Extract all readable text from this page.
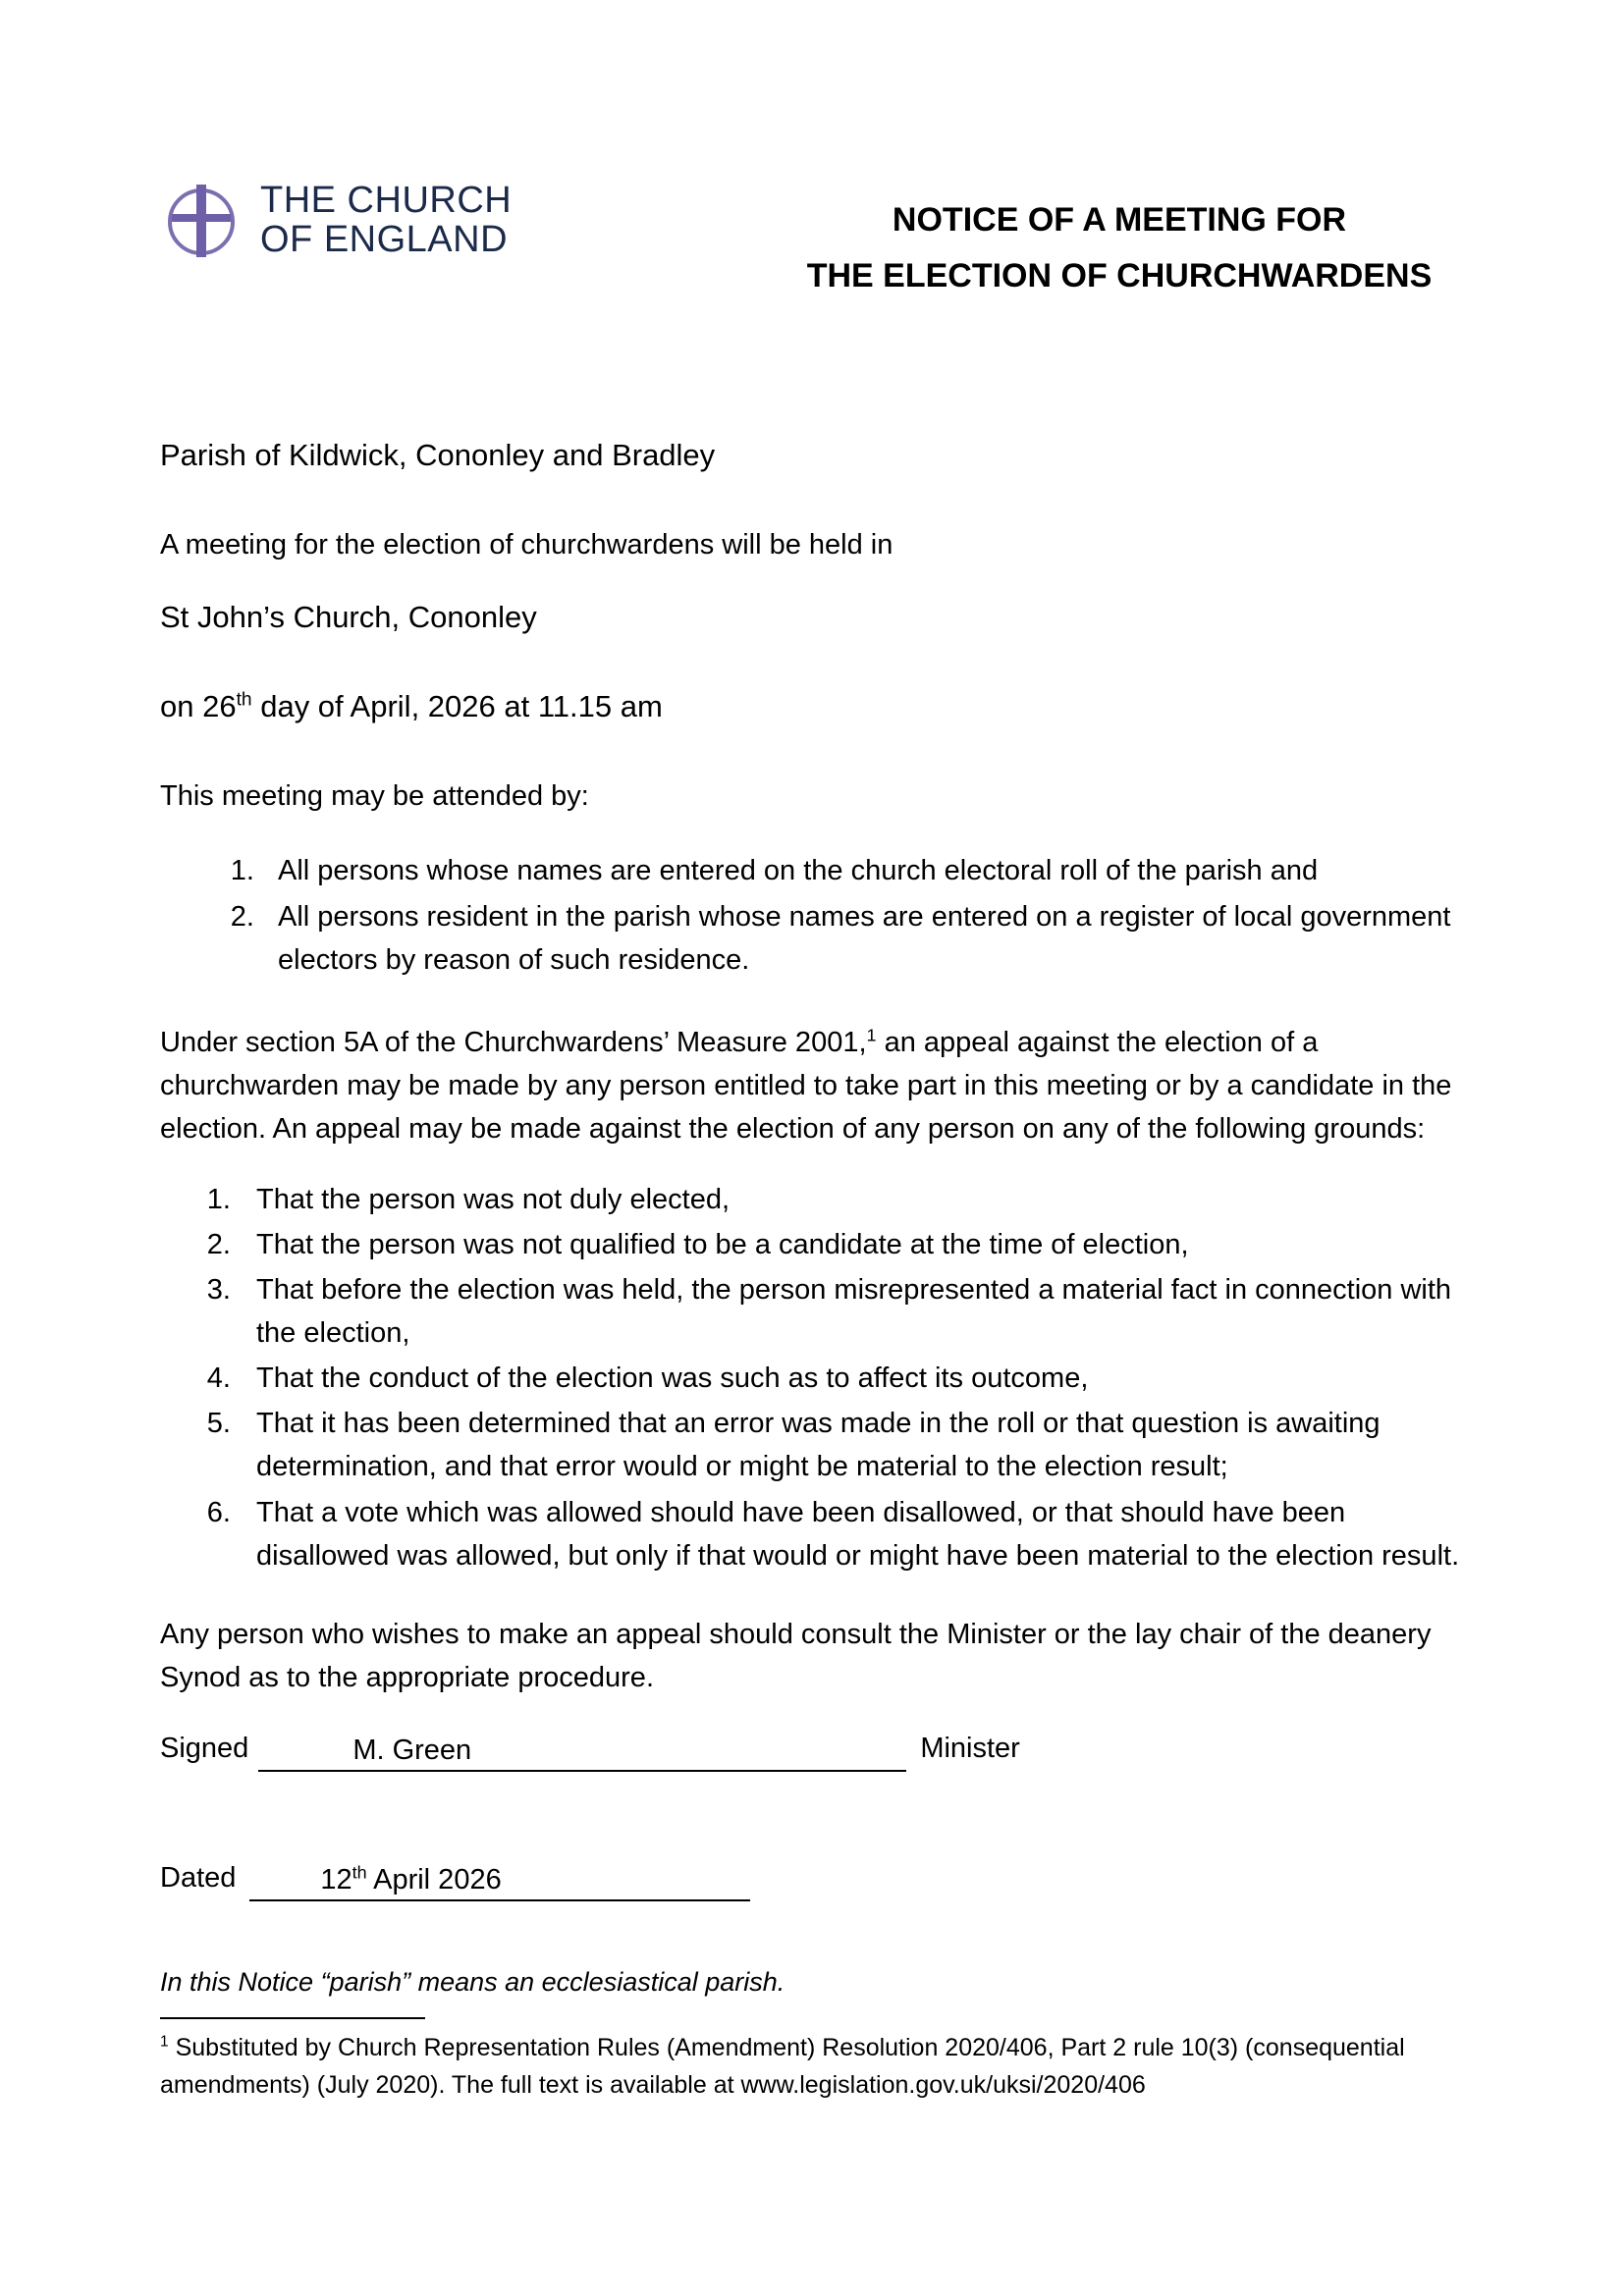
THE CHURCH
OF ENGLAND	NOTICE OF A MEETING FOR
THE ELECTION OF CHURCHWARDENS

Parish of Kildwick, Cononley and Bradley

A meeting for the election of churchwardens will be held in

St John’s Church, Cononley

on 26th day of April, 2026 at 11.15 am

This meeting may be attended by:

1. All persons whose names are entered on the church electoral roll of the parish and
2. All persons resident in the parish whose names are entered on a register of local government electors by reason of such residence.

Under section 5A of the Churchwardens’ Measure 2001,$^1$ an appeal against the election of a churchwarden may be made by any person entitled to take part in this meeting or by a candidate in the election. An appeal may be made against the election of any person on any of the following grounds:

1. That the person was not duly elected,
2. That the person was not qualified to be a candidate at the time of election,
3. That before the election was held, the person misrepresented a material fact in connection with the election,
4. That the conduct of the election was such as to affect its outcome,
5. That it has been determined that an error was made in the roll or that question is awaiting determination, and that error would or might be material to the election result;
6. That a vote which was allowed should have been disallowed, or that should have been disallowed was allowed, but only if that would or might have been material to the election result.

Any person who wishes to make an appeal should consult the Minister or the lay chair of the deanery Synod as to the appropriate procedure.

Signed	M. Green	Minister
Dated	12th April 2026

In this Notice “parish” means an ecclesiastical parish.

$^1$ Substituted by Church Representation Rules (Amendment) Resolution 2020/406, Part 2 rule 10(3) (consequential amendments) (July 2020). The full text is available at www.legislation.gov.uk/uksi/2020/406
